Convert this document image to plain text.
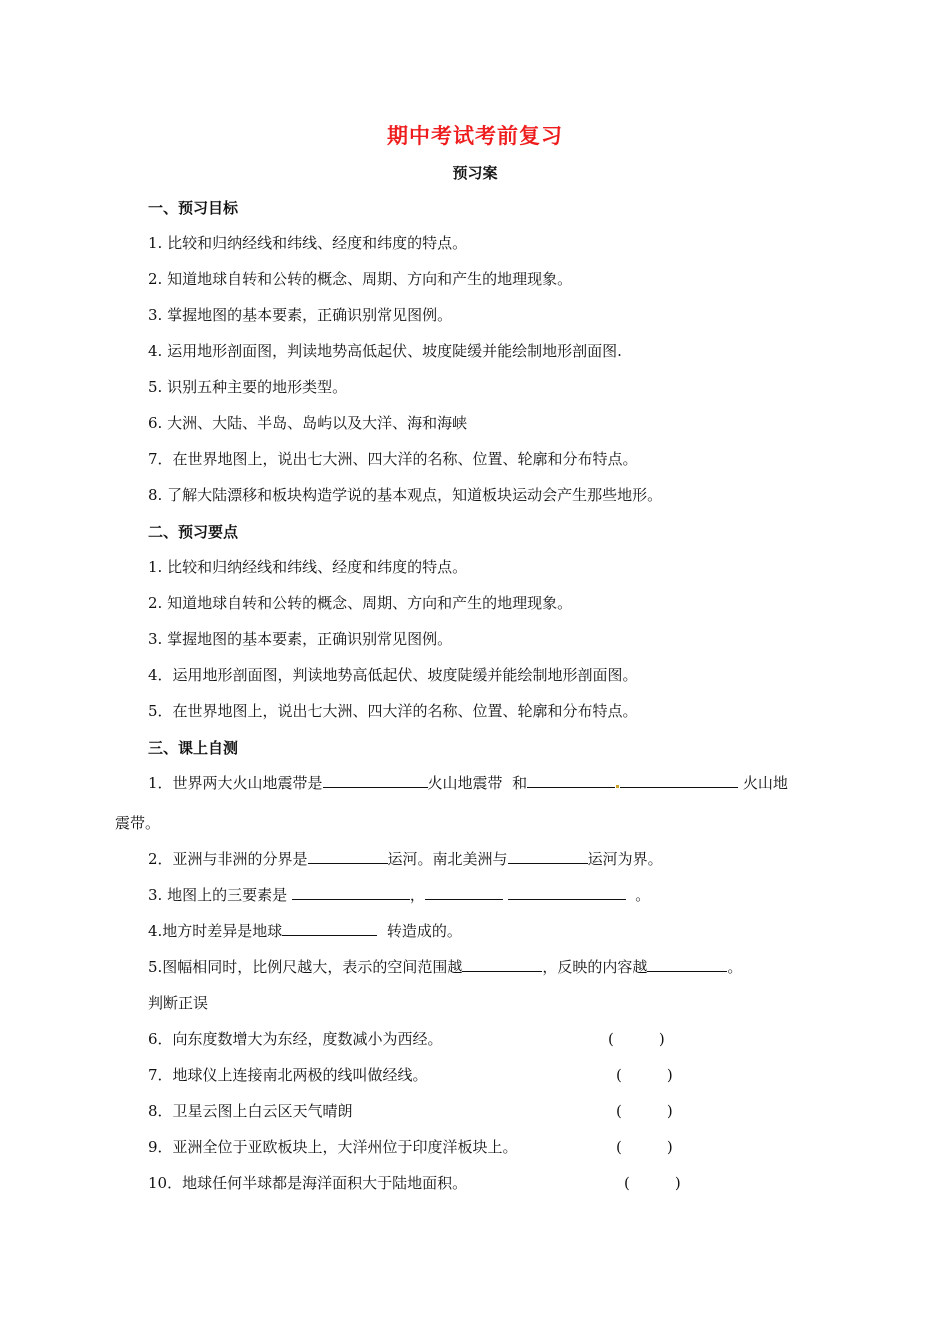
期中考试考前复习
预习案
一、预习目标
1. 比较和归纳经线和纬线、经度和纬度的特点。
2. 知道地球自转和公转的概念、周期、方向和产生的地理现象。
3. 掌握地图的基本要素，正确识别常见图例。
4. 运用地形剖面图，判读地势高低起伏、坡度陡缓并能绘制地形剖面图.
5. 识别五种主要的地形类型。
6. 大洲、大陆、半岛、岛屿以及大洋、海和海峡
7．在世界地图上，说出七大洲、四大洋的名称、位置、轮廓和分布特点。
8. 了解大陆漂移和板块构造学说的基本观点，知道板块运动会产生那些地形。
二、预习要点
1. 比较和归纳经线和纬线、经度和纬度的特点。
2. 知道地球自转和公转的概念、周期、方向和产生的地理现象。
3. 掌握地图的基本要素，正确识别常见图例。
4．运用地形剖面图，判读地势高低起伏、坡度陡缓并能绘制地形剖面图。
5．在世界地图上，说出七大洲、四大洋的名称、位置、轮廓和分布特点。
三、课上自测
1．世界两大火山地震带是	火山地震带 和	火山地
震带。
2．亚洲与非洲的分界是	运河。南北美洲与	运河为界。
3. 地图上的三要素是	，	。
4.地方时差异是地球	转造成的。
5.图幅相同时，比例尺越大，表示的空间范围越	，反映的内容越	。
判断正误
6．向东度数增大为东经，度数减小为西经。	(　　　)
7．地球仪上连接南北两极的线叫做经线。	(　　　)
8．卫星云图上白云区天气晴朗	(　　　)
9．亚洲全位于亚欧板块上，大洋州位于印度洋板块上。	(　　　)
10．地球任何半球都是海洋面积大于陆地面积。	(　　　)
